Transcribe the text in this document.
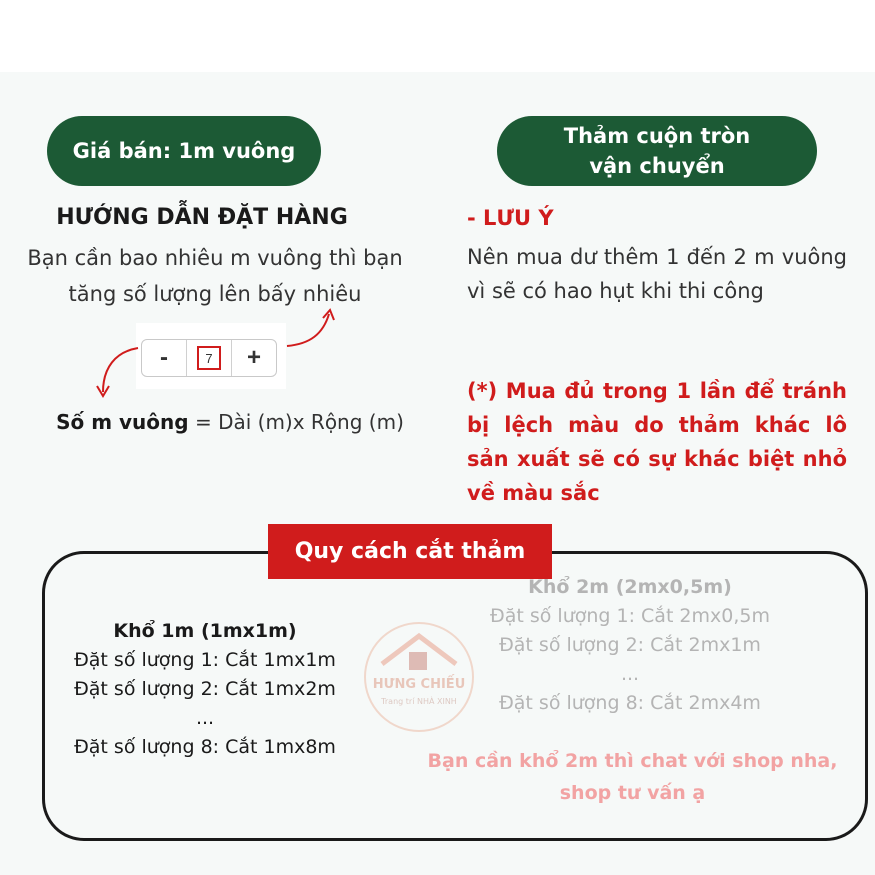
Giá bán: 1m vuông
Thảm cuộn tròn
vận chuyển
HƯỚNG DẪN ĐẶT HÀNG
Bạn cần bao nhiêu m vuông thì bạn tăng số lượng lên bấy nhiêu
-	7	+
Số m vuông = Dài (m)x Rộng (m)
- LƯU Ý
Nên mua dư thêm 1 đến 2 m vuông vì sẽ có hao hụt khi thi công
(*) Mua đủ trong 1 lần để tránh bị lệch màu do thảm khác lô sản xuất sẽ có sự khác biệt nhỏ về màu sắc
Quy cách cắt thảm
HƯNG CHIẾU
Trang trí NHÀ XINH
Khổ 1m (1mx1m)
Đặt số lượng 1: Cắt 1mx1m
Đặt số lượng 2: Cắt 1mx2m
...
Đặt số lượng 8: Cắt 1mx8m
Khổ 2m (2mx0,5m)
Đặt số lượng 1: Cắt 2mx0,5m
Đặt số lượng 2: Cắt 2mx1m
...
Đặt số lượng 8: Cắt 2mx4m
Bạn cần khổ 2m thì chat với shop nha, shop tư vấn ạ
